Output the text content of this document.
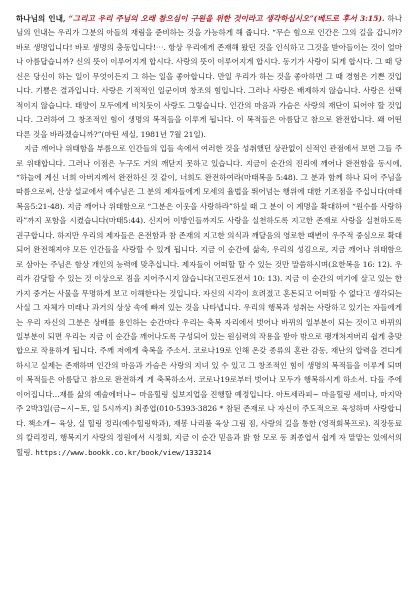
하나님의 인내, “그리고 우리 주님의 오래 참으심이 구원을 위한 것이라고 생각하십시오”(베드로 후서 3:15). 하나님의 인내는 우리가 그분의 아들의 재림을 준비하는 것을 가능하게 해 줍니다. “무슨 힘으로 인간은 그의 길을 갑니까? 바로 생명입니다! 바로 생명의 충동입니다!⋯. 항상 우리에게 존재해 왔던 것을 인식하고 그것을 받아들이는 것이 얼마나 아름답습니까? 신의 뜻이 이루어지게 합시다. 사랑의 뜻이 이루어지게 합시다. 동기가 사랑이 되게 합시다. 그 때 당신은 당신이 하는 일이 무엇이든지 그 하는 일을 좋아합니다. 만일 우리가 하는 것을 좋아하면 그 때 경험은 기쁜 것입니다. 기쁨은 결과입니다. 사랑은 기적적인 일군이며 창조의 힘입니다. 그러나 사랑은 배제하지 않습니다. 사랑은 선택적이지 않습니다. 태양이 모두에게 비치듯이 사랑도 그렇습니다. 인간의 마음과 가슴은 사랑의 재단이 되어야 할 것입니다. 그러하여 그 창조적인 힘이 생명의 복적들을 이루게 됩니다. 이 복적들은 아름답고 참으로 완전합니다. 왜 어떤 다른 것을 바라겠습니까?”(마틴 세실, 1981년 7월 21일).

지금 깨어나 위태함을 부름으로 인간들의 입들 속에서 여러한 것을 성취했던 상관없이 신적인 관점에서 보면 그들 주로 위태합니다. 그러나 이점은 누구도 거의 깨닫지 못하고 있습니다. 지금이 순간의 진리에 깨어나 완전함을 동시에, “하늘에 계신 너희 아버지께서 완전하신 것 같이, 너희도 완전하여라(마태복음 5:48). 그 분과 함께 하나 되어 주님을 따름으로써, 산상 설교에서 예수님은 그 분의 제자들에게 모세의 율법을 뛰어넘는 행위에 대한 기조점을 주십니다(마태복음5:21-48). 지금 깨어나 위태함으로 “그분은 이웃을 사랑하라”하실 때 그 분이 이 계명을 확대하여 “원수를 사랑하라”까지 포함을 시켰습니다(마태5:44). 신지어 이방인들까지도 사랑을 실천하도록 지고한 존재로 사랑을 실천하도록 권구합니다. 하지만 우리의 제자들은 온전함과 참 존재의 지고한 의식과 깨달음의 영로한 때변이 우주적 중심으로 확대되어 완전해져야 모든 인간들을 사랑할 수 있게 됩니다. 지금 이 순간에 삶속, 우리의 성김으로, 지금 깨어나 위태함으로 삼아는 주님은 함상 개인의 능력에 맞추십니다. 제자들이 어떠할 할 수 있는 것만 말씀하시며(요한복음 16: 12). 우리가 감당할 수 있는 것 이상으로 짐을 지어주시지 않습니다(고린도전서 10: 13). 지금 이 순간의 여기에 살고 있는 한 가지 중거는 사물을 무명하게 보고 이해한다는 것입니다. 자신의 시각이 흐려졌고 혼돈되고 어떠할 수 없다고 생각되는 사실 그 자체가 미래나 과거의 상상 속에 빠져 있는 것을 나타냅니다. 우리의 행복과 성취는 사랑하고 있기는 자들에게는 우리 자신의 그분은 상배를 용인하는 순간마다 우리는 축복 자리에서 벗어나 바뀌의 일부분이 되는 것이고 바뀌의 일부분이 되면 우리는 지금 이 순간을 깨어나도록 구성되어 있는 원심력의 작용을 받아 밖으로 팽개쳐져버리 쉽게 충맞합으로 작용하게 됩니다. 주께 저에게 축복을 주소서. 코로나19로 인해 온갖 종류의 혼란 감동, 재난의 압력을 견디게 하시고 실제는 존재하며 인간의 마음과 가슴은 사랑의 지녀 있 수 있고 그 창조적인 힘이 생명의 복적들을 이루게 되며 이 복적들은 아름답고 참으로 완전하게 게 축복하소서. 코로나19로부터 벗어나 모두가 행복하시게 하소서. 다들 주에 이어집니다...재를 삶의 예술에터나~ 마음힐링 십보지업을 진행할 예정입니다. 아트세라피~ 마음힐링 세미나, 마지막 주 2박3일(금~시~토, 일 5시까지) 최종엽(010-5393-3826 * 참된 존재로 나 자신이 주도적으로 육성하며 사랑합니다. 책소개~ 육상, 실 힐링 정리(예수힐링학과), 재봉 나리품 육상 그림 짐, 사랑의 길을 통한 (영적회복프로). 직장동료의 칼리정리, 행복지기 사랑의 정원에서 시정회, 지금 이 순간 믿음과 밝 함 모로 동 최종엽서 쉽게 자 맡맡는 있에서의 힐링. https://www.bookk.co.kr/book/view/133214
